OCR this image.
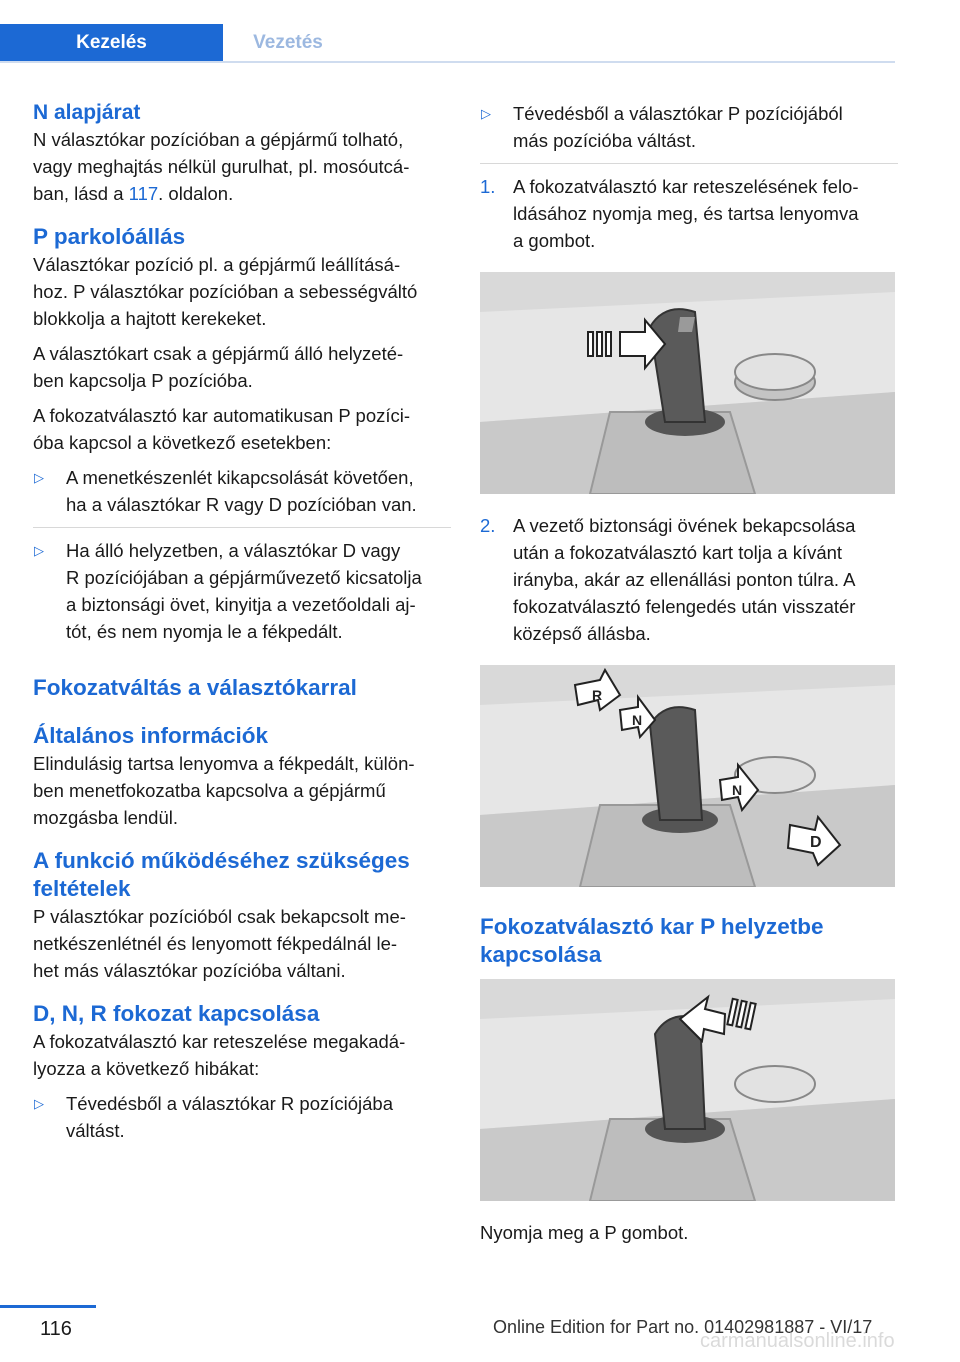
Kezelés	Vezetés
N alapjárat

N választókar pozícióban a gépjármű tolható,
vagy meghajtás nélkül gurulhat, pl. mosóutcá-
ban, lásd a 117. oldalon.

P parkolóállás

Választókar pozíció pl. a gépjármű leállításá-
hoz. P választókar pozícióban a sebességváltó
blokkolja a hajtott kerekeket.

A választókart csak a gépjármű álló helyzeté-
ben kapcsolja P pozícióba.

A fokozatválasztó kar automatikusan P pozíci-
óba kapcsol a következő esetekben:

▷ A menetkészenlét kikapcsolását követően,
ha a választókar R vagy D pozícióban van.
▷ Ha álló helyzetben, a választókar D vagy
R pozíciójában a gépjárművezető kicsatolja
a biztonsági övet, kinyitja a vezetőoldali aj-
tót, és nem nyomja le a fékpedált.
Fokozatváltás a választókarral
Általános információk

Elindulásig tartsa lenyomva a fékpedált, külön-
ben menetfokozatba kapcsolva a gépjármű
mozgásba lendül.

A funkció működéséhez szükséges
feltételek

P választókar pozícióból csak bekapcsolt me-
netkészenlétnél és lenyomott fékpedálnál le-
het más választókar pozícióba váltani.

D, N, R fokozat kapcsolása

A fokozatválasztó kar reteszelése megakadá-
lyozza a következő hibákat:

▷ Tévedésből a választókar R pozíciójába
váltást.
▷ Tévedésből a választókar P pozíciójából
más pozícióba váltást.
1. A fokozatválasztó kar reteszelésének felo-
ldásához nyomja meg, és tartsa lenyomva
a gombot.
2. A vezető biztonsági övének bekapcsolása
után a fokozatválasztó kart tolja a kívánt
irányba, akár az ellenállási ponton túlra. A
fokozatválasztó felengedés után visszatér
középső állásba.
R
N
N
D
Fokozatválasztó kar P helyzetbe
kapcsolása

Nyomja meg a P gombot.

116	Online Edition for Part no. 01402981887 - VI/17
carmanualsonline.info
